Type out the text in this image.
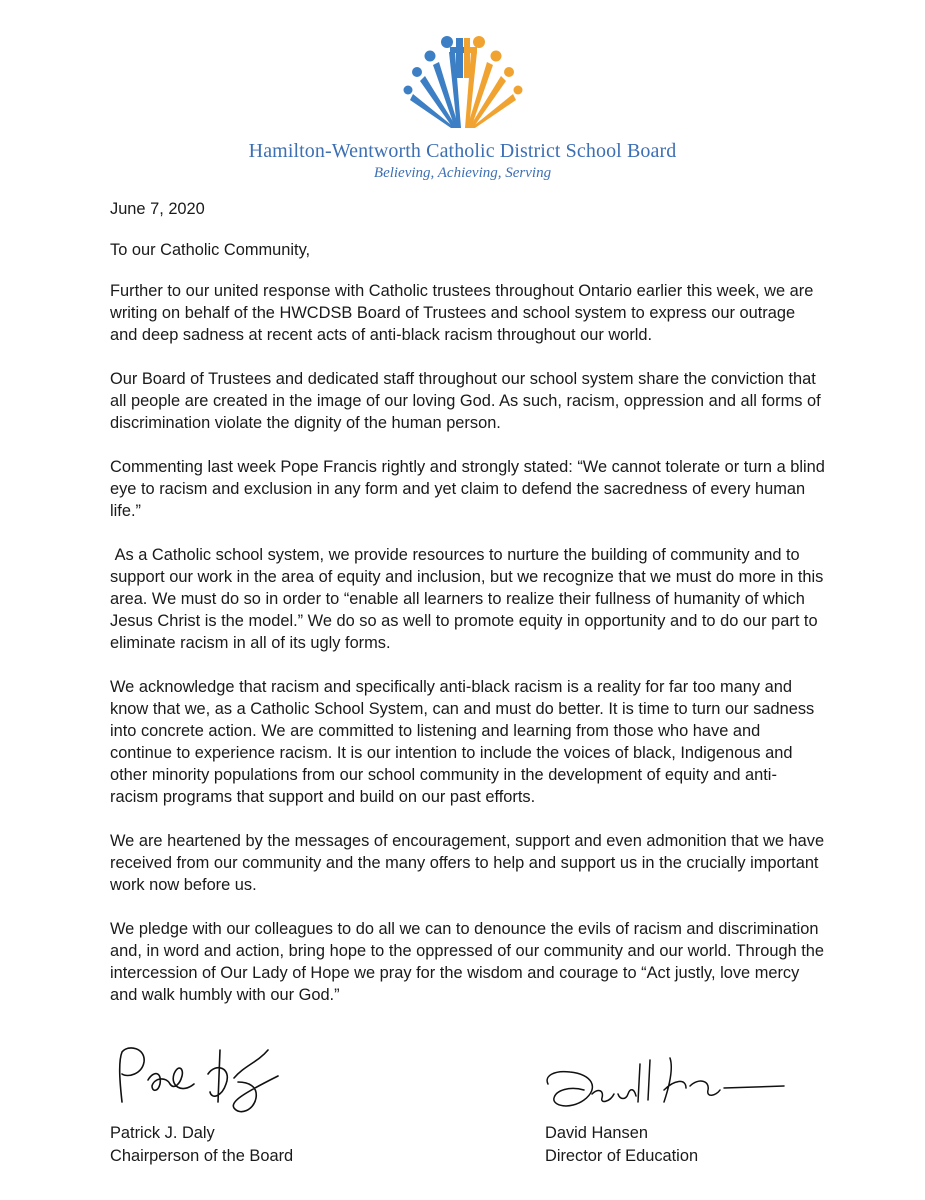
Hamilton-Wentworth Catholic District School Board
Believing, Achieving, Serving

June 7, 2020

To our Catholic Community,

Further to our united response with Catholic trustees throughout Ontario earlier this week, we are writing on behalf of the HWCDSB Board of Trustees and school system to express our outrage and deep sadness at recent acts of anti-black racism throughout our world.

Our Board of Trustees and dedicated staff throughout our school system share the conviction that all people are created in the image of our loving God. As such, racism, oppression and all forms of discrimination violate the dignity of the human person.

Commenting last week Pope Francis rightly and strongly stated: “We cannot tolerate or turn a blind eye to racism and exclusion in any form and yet claim to defend the sacredness of every human life.”

As a Catholic school system, we provide resources to nurture the building of community and to support our work in the area of equity and inclusion, but we recognize that we must do more in this area. We must do so in order to “enable all learners to realize their fullness of humanity of which Jesus Christ is the model.” We do so as well to promote equity in opportunity and to do our part to eliminate racism in all of its ugly forms.

We acknowledge that racism and specifically anti-black racism is a reality for far too many and know that we, as a Catholic School System, can and must do better. It is time to turn our sadness into concrete action. We are committed to listening and learning from those who have and continue to experience racism. It is our intention to include the voices of black, Indigenous and other minority populations from our school community in the development of equity and anti-racism programs that support and build on our past efforts.

We are heartened by the messages of encouragement, support and even admonition that we have received from our community and the many offers to help and support us in the crucially important work now before us.

We pledge with our colleagues to do all we can to denounce the evils of racism and discrimination and, in word and action, bring hope to the oppressed of our community and our world. Through the intercession of Our Lady of Hope we pray for the wisdom and courage to “Act justly, love mercy and walk humbly with our God.”

Patrick J. Daly
Chairperson of the Board
David Hansen
Director of Education
